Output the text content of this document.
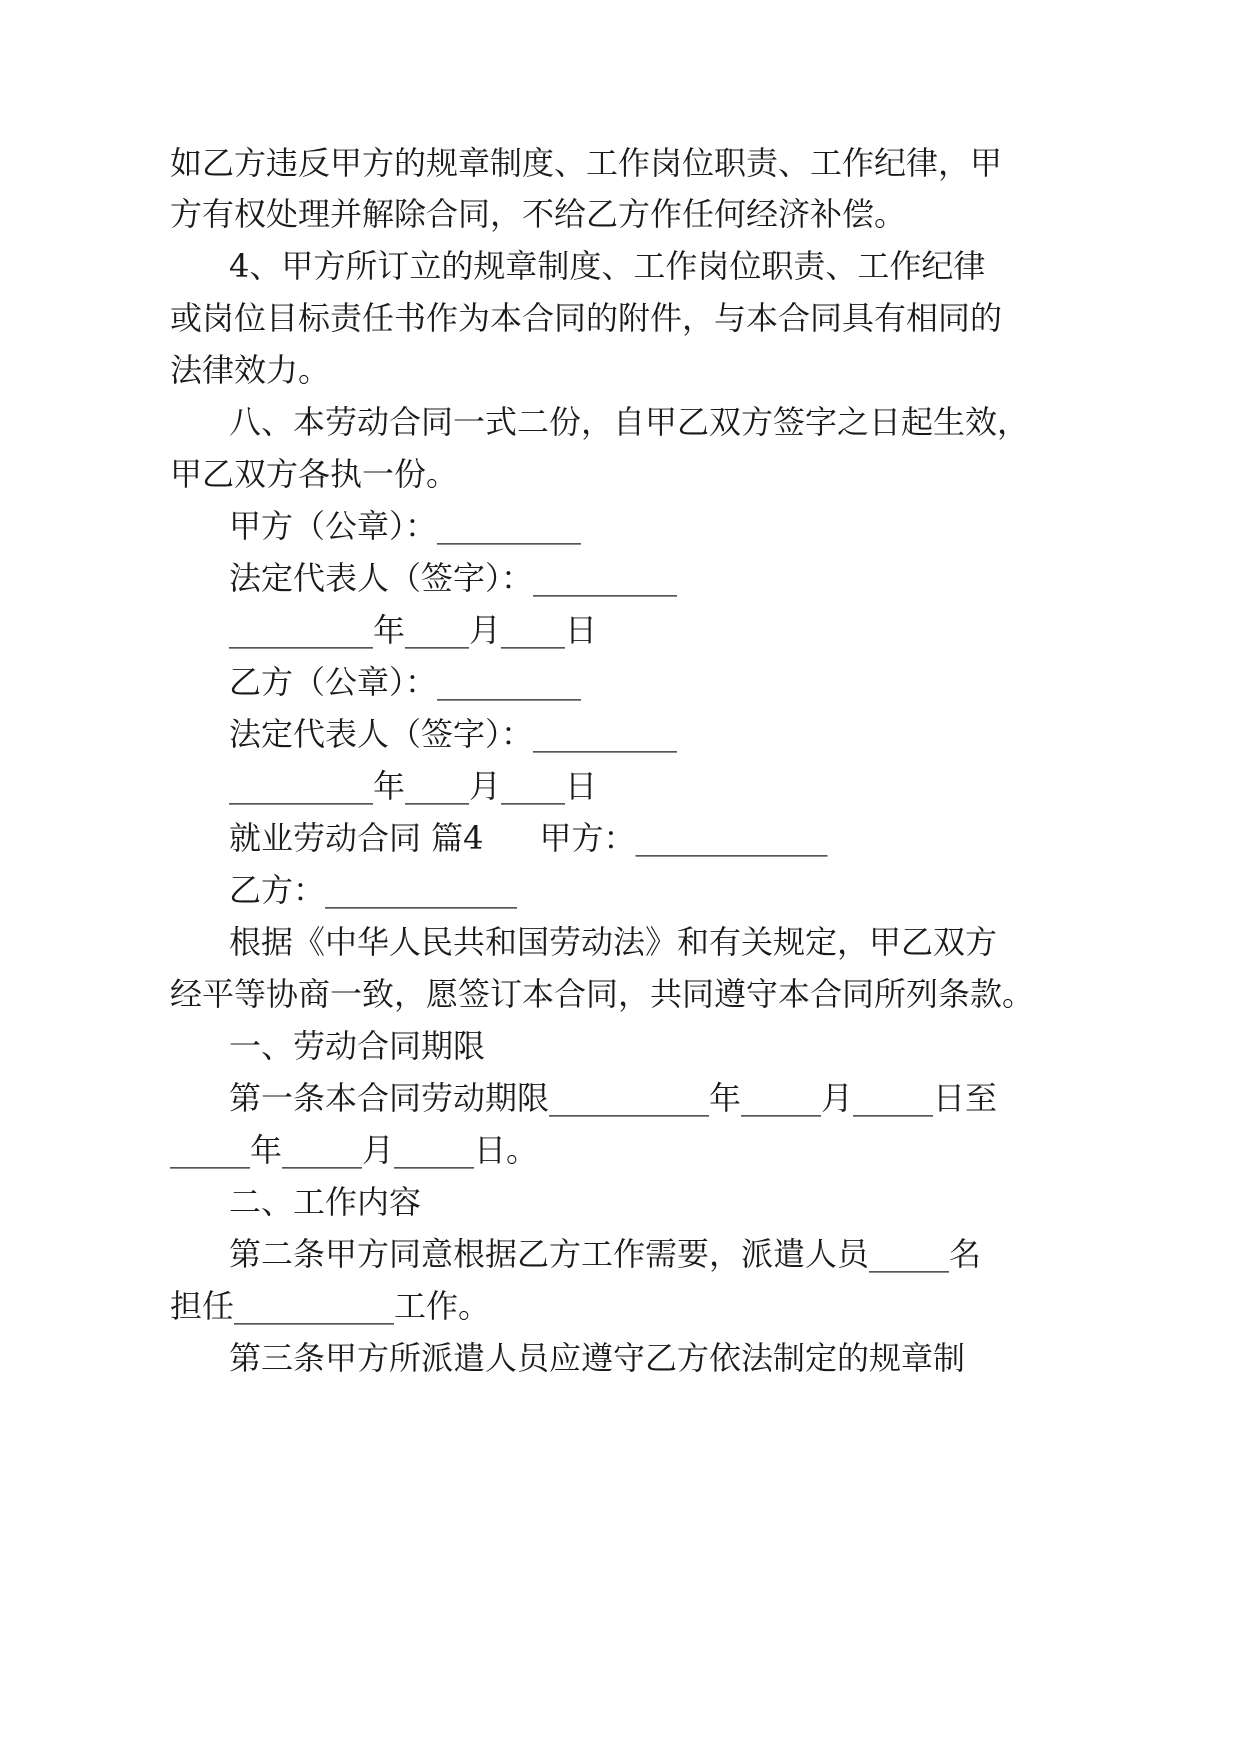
如乙方违反甲方的规章制度、工作岗位职责、工作纪律，甲
方有权处理并解除合同，不给乙方作任何经济补偿。
4、甲方所订立的规章制度、工作岗位职责、工作纪律
或岗位目标责任书作为本合同的附件，与本合同具有相同的
法律效力。
八、本劳动合同一式二份，自甲乙双方签字之日起生效，
甲乙双方各执一份。
甲方（公章）：_________
法定代表人（签字）：_________
_________年____月____日
乙方（公章）：_________
法定代表人（签字）：_________
_________年____月____日
就业劳动合同 篇4 甲方：____________
乙方：____________
根据《中华人民共和国劳动法》和有关规定，甲乙双方
经平等协商一致，愿签订本合同，共同遵守本合同所列条款。
一、劳动合同期限
第一条本合同劳动期限__________年_____月_____日至
_____年_____月_____日。
二、工作内容
第二条甲方同意根据乙方工作需要，派遣人员_____名
担任__________工作。
第三条甲方所派遣人员应遵守乙方依法制定的规章制
